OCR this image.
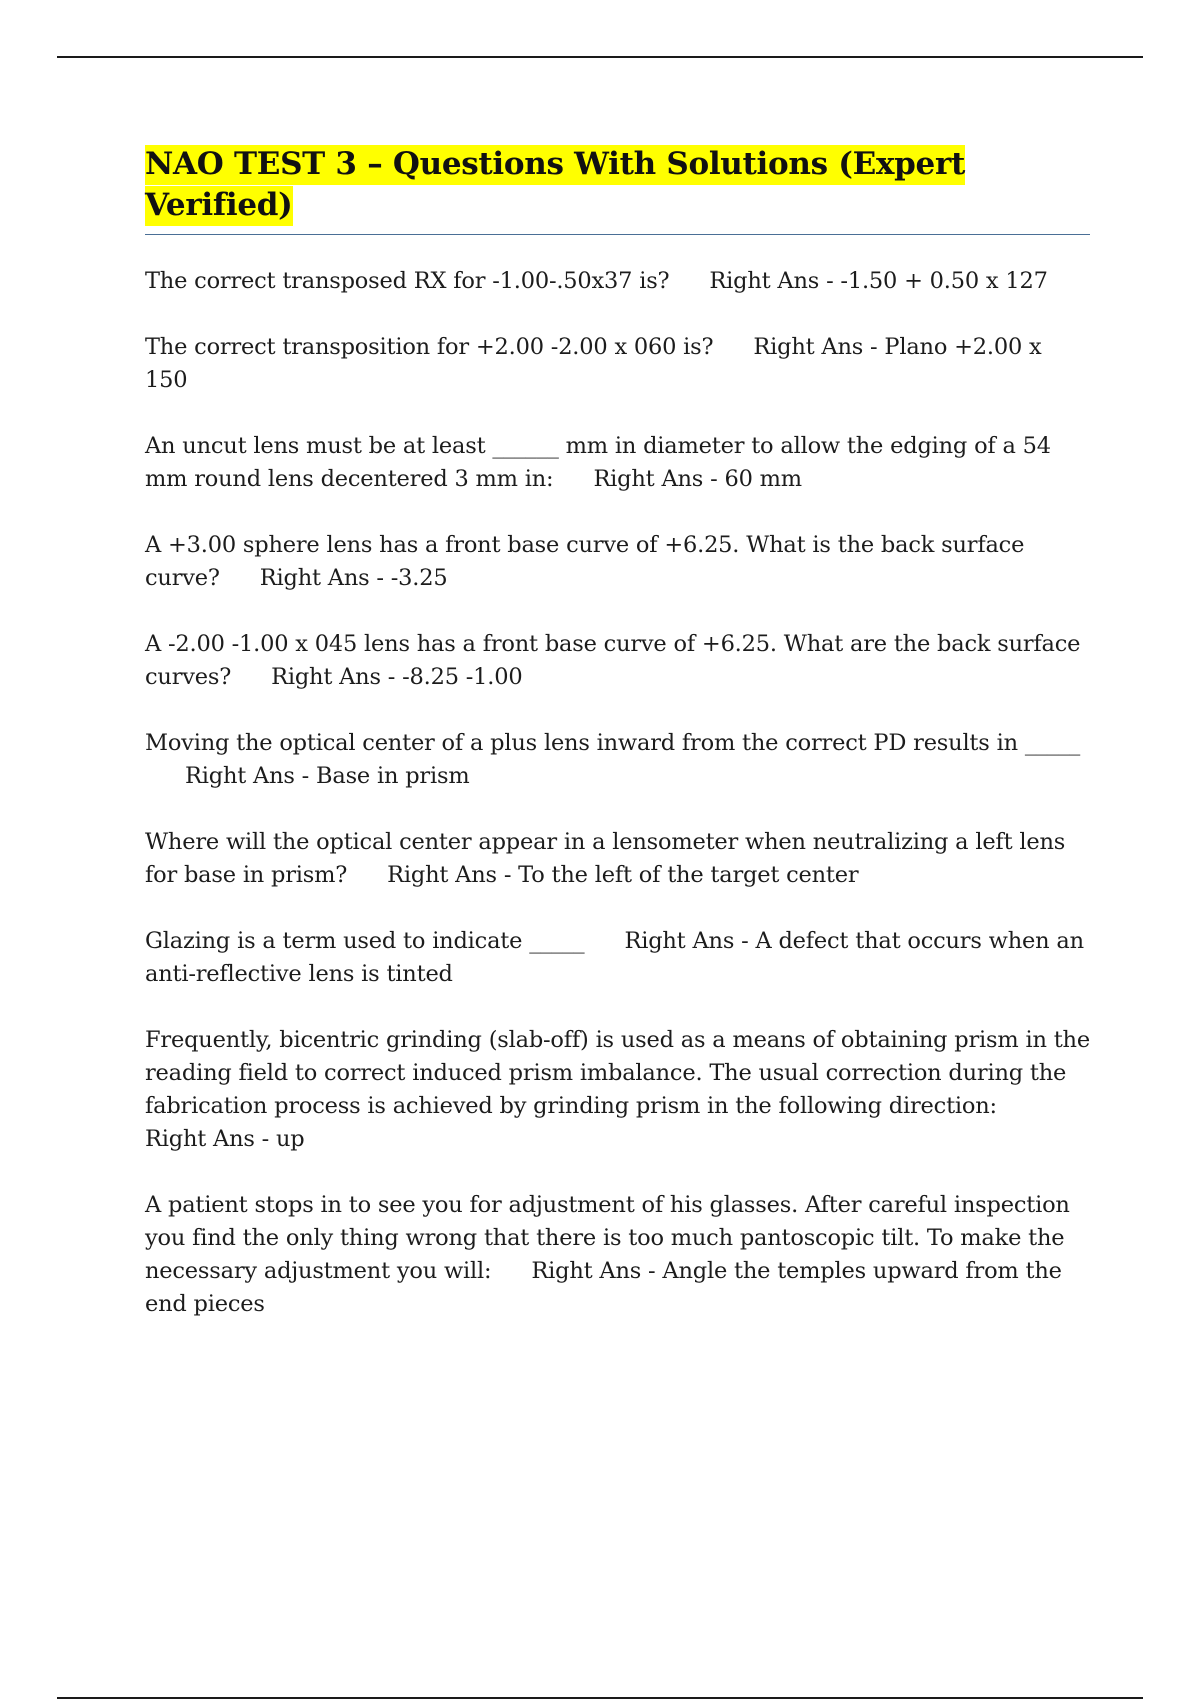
NAO TEST 3 – Questions With Solutions (Expert Verified)

The correct transposed RX for -1.00-.50x37 is? Right Ans - -1.50 + 0.50 x 127

The correct transposition for +2.00 -2.00 x 060 is? Right Ans - Plano +2.00 x 150

An uncut lens must be at least ______ mm in diameter to allow the edging of a 54 mm round lens decentered 3 mm in: Right Ans - 60 mm

A +3.00 sphere lens has a front base curve of +6.25. What is the back surface curve? Right Ans - -3.25

A -2.00 -1.00 x 045 lens has a front base curve of +6.25. What are the back surface curves? Right Ans - -8.25 -1.00

Moving the optical center of a plus lens inward from the correct PD results in _____Right Ans - Base in prism

Where will the optical center appear in a lensometer when neutralizing a left lens for base in prism? Right Ans - To the left of the target center

Glazing is a term used to indicate _____ Right Ans - A defect that occurs when an anti-reflective lens is tinted

Frequently, bicentric grinding (slab-off) is used as a means of obtaining prism in the reading field to correct induced prism imbalance. The usual correction during the fabrication process is achieved by grinding prism in the following direction:Right Ans - up

A patient stops in to see you for adjustment of his glasses. After careful inspection you find the only thing wrong that there is too much pantoscopic tilt. To make the necessary adjustment you will: Right Ans - Angle the temples upward from the end pieces
